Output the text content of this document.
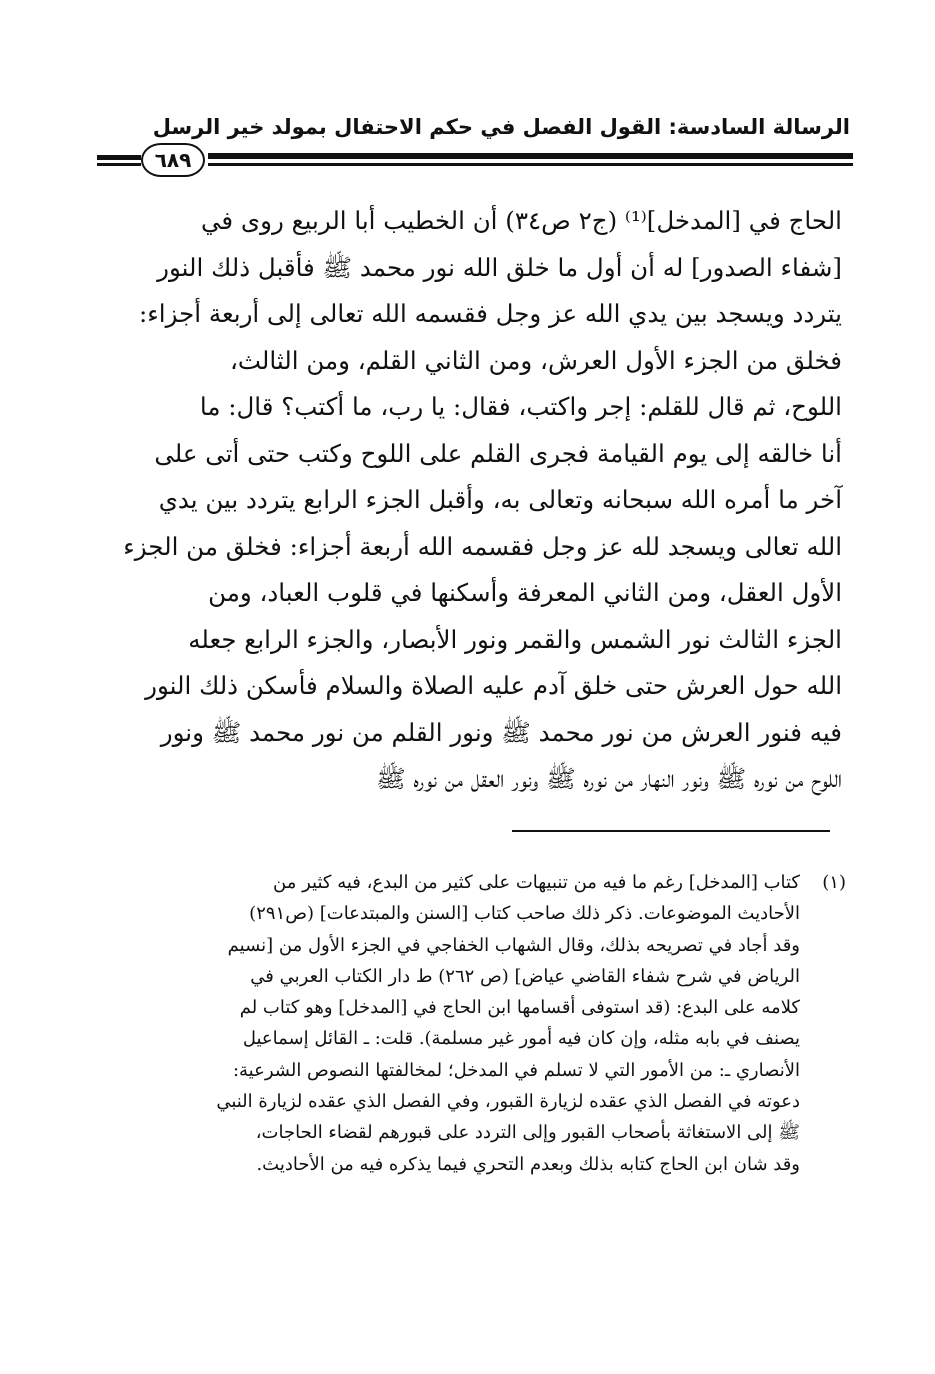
الرسالة السادسة: القول الفصل في حكم الاحتفال بمولد خير الرسل
٦٨٩
الحاج في [المدخل]⁽¹⁾ (ج٢ ص٣٤) أن الخطيب أبا الربيع روى في
[شفاء الصدور] له أن أول ما خلق الله نور محمد ﷺ فأقبل ذلك النور
يتردد ويسجد بين يدي الله عز وجل فقسمه الله تعالى إلى أربعة أجزاء:
فخلق من الجزء الأول العرش، ومن الثاني القلم، ومن الثالث،
اللوح، ثم قال للقلم: إجر واكتب، فقال: يا رب، ما أكتب؟ قال: ما
أنا خالقه إلى يوم القيامة فجرى القلم على اللوح وكتب حتى أتى على
آخر ما أمره الله سبحانه وتعالى به، وأقبل الجزء الرابع يتردد بين يدي
الله تعالى ويسجد لله عز وجل فقسمه الله أربعة أجزاء: فخلق من الجزء
الأول العقل، ومن الثاني المعرفة وأسكنها في قلوب العباد، ومن
الجزء الثالث نور الشمس والقمر ونور الأبصار، والجزء الرابع جعله
الله حول العرش حتى خلق آدم عليه الصلاة والسلام فأسكن ذلك النور
فيه فنور العرش من نور محمد ﷺ ونور القلم من نور محمد ﷺ ونور
اللوح من نوره ﷺ ونور النهار من نوره ﷺ ونور العقل من نوره ﷺ
(١)
كتاب [المدخل] رغم ما فيه من تنبيهات على كثير من البدع، فيه كثير من
الأحاديث الموضوعات. ذكر ذلك صاحب كتاب [السنن والمبتدعات] (ص٢٩١)
وقد أجاد في تصريحه بذلك، وقال الشهاب الخفاجي في الجزء الأول من [نسيم
الرياض في شرح شفاء القاضي عياض] (ص ٢٦٢) ط دار الكتاب العربي في
كلامه على البدع: (قد استوفى أقسامها ابن الحاج في [المدخل] وهو كتاب لم
يصنف في بابه مثله، وإن كان فيه أمور غير مسلمة). قلت: ـ القائل إسماعيل
الأنصاري ـ: من الأمور التي لا تسلم في المدخل؛ لمخالفتها النصوص الشرعية:
دعوته في الفصل الذي عقده لزيارة القبور، وفي الفصل الذي عقده لزيارة النبي
ﷺ إلى الاستغاثة بأصحاب القبور وإلى التردد على قبورهم لقضاء الحاجات،
وقد شان ابن الحاج كتابه بذلك وبعدم التحري فيما يذكره فيه من الأحاديث.
